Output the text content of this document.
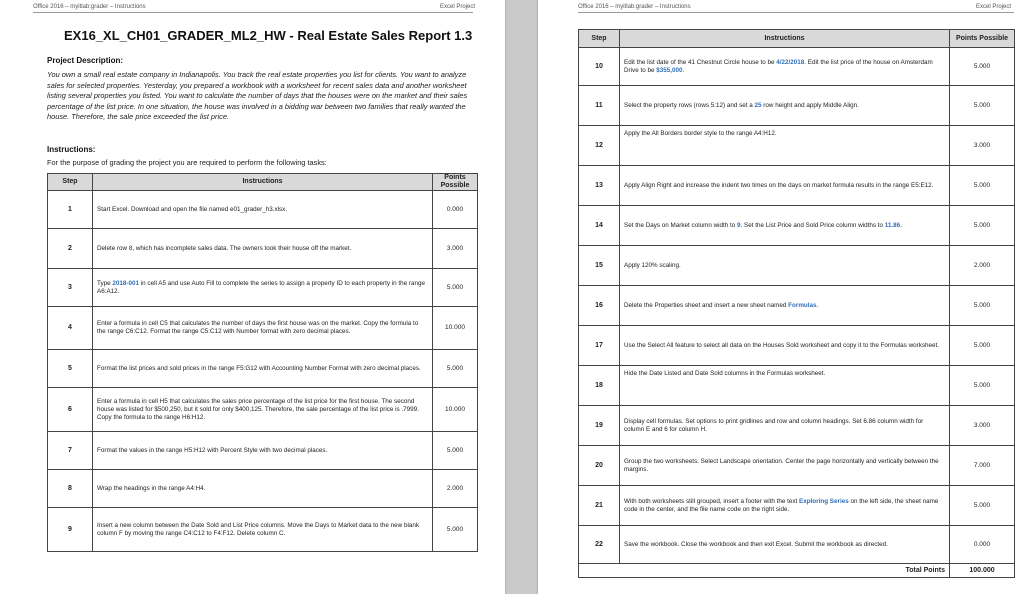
Office 2016 – myitlab:grader – Instructions	Excel Project
EX16_XL_CH01_GRADER_ML2_HW - Real Estate Sales Report 1.3
Project Description:
You own a small real estate company in Indianapolis. You track the real estate properties you list for clients. You want to analyze sales for selected properties. Yesterday, you prepared a workbook with a worksheet for recent sales data and another worksheet listing several properties you listed. You want to calculate the number of days that the houses were on the market and their sales percentage of the list price. In one situation, the house was involved in a bidding war between two families that really wanted the house. Therefore, the sale price exceeded the list price.
Instructions:
For the purpose of grading the project you are required to perform the following tasks:
Step	Instructions	Points Possible
1	Start Excel. Download and open the file named e01_grader_h3.xlsx.	0.000
2	Delete row 8, which has incomplete sales data. The owners took their house off the market.	3.000
3	Type 2018-001 in cell A5 and use Auto Fill to complete the series to assign a property ID to each property in the range A6:A12.	5.000
4	Enter a formula in cell C5 that calculates the number of days the first house was on the market. Copy the formula to the range C6:C12. Format the range C5:C12 with Number format with zero decimal places.	10.000
5	Format the list prices and sold prices in the range F5:G12 with Accounting Number Format with zero decimal places.	5.000
6	Enter a formula in cell H5 that calculates the sales price percentage of the list price for the first house. The second house was listed for $500,250, but it sold for only $400,125. Therefore, the sale percentage of the list price is .7999. Copy the formula to the range H6:H12.	10.000
7	Format the values in the range H5:H12 with Percent Style with two decimal places.	5.000
8	Wrap the headings in the range A4:H4.	2.000
9	Insert a new column between the Date Sold and List Price columns. Move the Days to Market data to the new blank column F by moving the range C4:C12 to F4:F12. Delete column C.	5.000
Office 2016 – myitlab:grader – Instructions	Excel Project
Step	Instructions	Points Possible
10	Edit the list date of the 41 Chestnut Circle house to be 4/22/2018. Edit the list price of the house on Amsterdam Drive to be $355,000.	5.000
11	Select the property rows (rows 5:12) and set a 25 row height and apply Middle Align.	5.000
12	Apply the All Borders border style to the range A4:H12.	3.000
13	Apply Align Right and increase the indent two times on the days on market formula results in the range E5:E12.	5.000
14	Set the Days on Market column width to 9. Set the List Price and Sold Price column widths to 11.86.	5.000
15	Apply 120% scaling.	2.000
16	Delete the Properties sheet and insert a new sheet named Formulas.	5.000
17	Use the Select All feature to select all data on the Houses Sold worksheet and copy it to the Formulas worksheet.	5.000
18	Hide the Date Listed and Date Sold columns in the Formulas worksheet.	5.000
19	Display cell formulas. Set options to print gridlines and row and column headings. Set 6.86 column width for column E and 6 for column H.	3.000
20	Group the two worksheets. Select Landscape orientation. Center the page horizontally and vertically between the margins.	7.000
21	With both worksheets still grouped, insert a footer with the text Exploring Series on the left side, the sheet name code in the center, and the file name code on the right side.	5.000
22	Save the workbook. Close the workbook and then exit Excel. Submit the workbook as directed.	0.000
Total Points		100.000
